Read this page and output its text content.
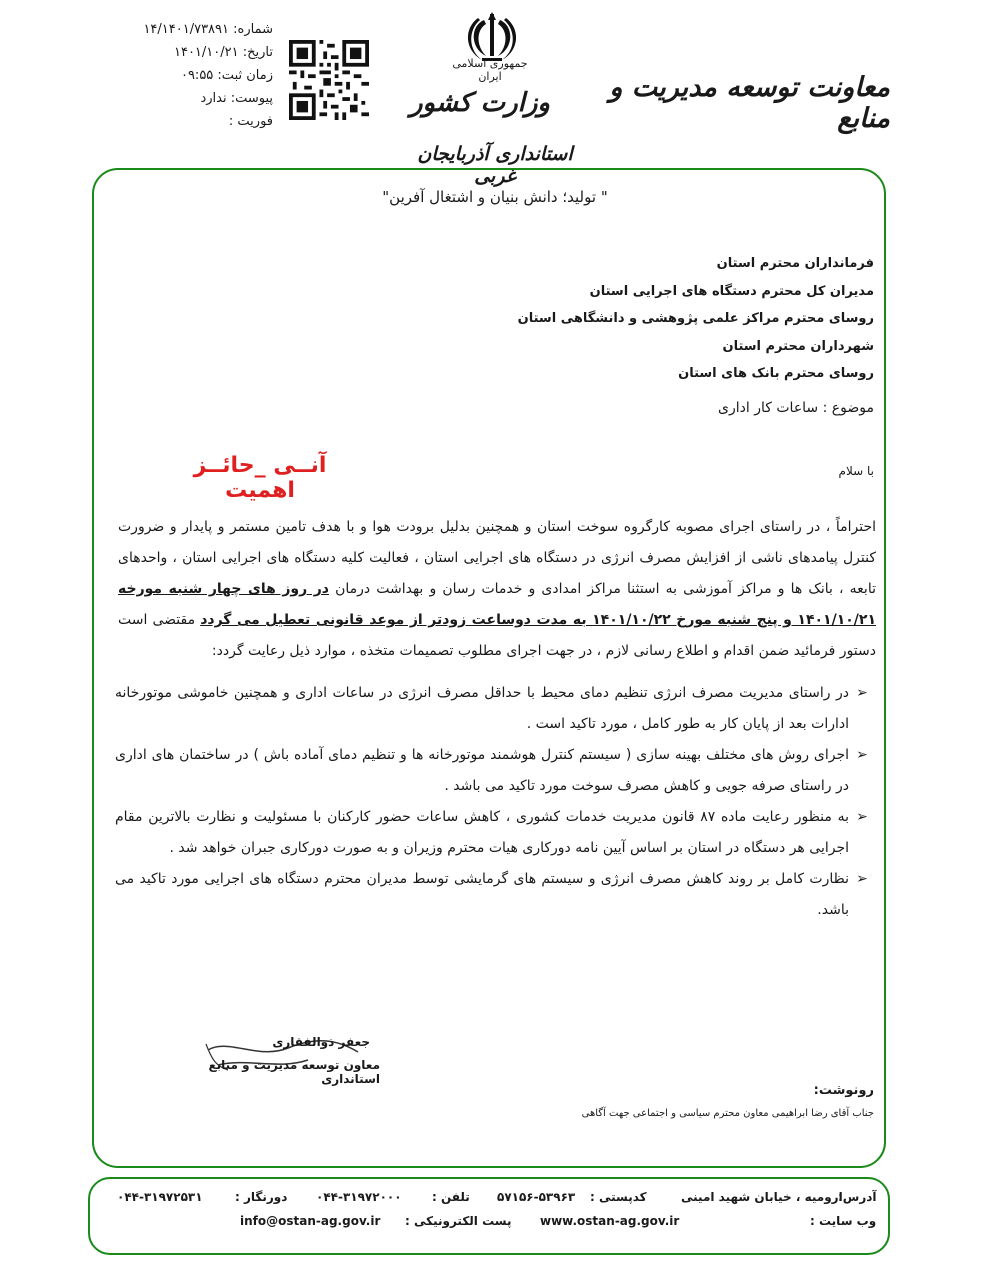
شماره: ۱۴/۱۴۰۱/۷۳۸۹۱
تاریخ: ۱۴۰۱/۱۰/۲۱
زمان ثبت: ۰۹:۵۵
پیوست: ندارد
فوریت :
جمهوری اسلامی ایران
وزارت کشور	معاونت توسعه مدیریت و منابع
استانداری آذربایجان غربی
" تولید؛ دانش بنیان و اشتغال آفرین"
فرمانداران محترم استان
مدیران کل محترم دستگاه های اجرایی استان
روسای محترم مراکز علمی پژوهشی و دانشگاهی استان
شهرداران محترم استان
روسای محترم بانک های استان
موضوع : ساعات کار اداری
آنــی _حائــز اهمیت
با سلام
احتراماً ، در راستای اجرای مصوبه کارگروه سوخت استان و همچنین بدلیل برودت هوا و با هدف تامین مستمر و پایدار و ضرورت کنترل پیامدهای ناشی از افزایش مصرف انرژی در دستگاه های اجرایی استان ، فعالیت کلیه دستگاه های اجرایی استان ، واحدهای تابعه ، بانک ها و مراکز آموزشی به استثنا مراکز امدادی و خدمات رسان و بهداشت درمان در روز های چهار شنبه مورخه ۱۴۰۱/۱۰/۲۱ و پنج شنبه مورخ ۱۴۰۱/۱۰/۲۲ به مدت دوساعت زودتر از موعد قانونی تعطیل می گردد مقتضی است دستور فرمائید ضمن اقدام و اطلاع رسانی لازم ، در جهت اجرای مطلوب تصمیمات متخذه ، موارد ذیل رعایت گردد:
➢
در راستای مدیریت مصرف انرژی تنظیم دمای محیط با حداقل مصرف انرژی در ساعات اداری و همچنین خاموشی موتورخانه ادارات بعد از پایان کار به طور کامل ، مورد تاکید است .
➢
اجرای روش های مختلف بهینه سازی ( سیستم کنترل هوشمند موتورخانه ها و تنظیم دمای آماده باش ) در ساختمان های اداری در راستای صرفه جویی و کاهش مصرف سوخت مورد تاکید می باشد .
➢
به منظور رعایت ماده ۸۷ قانون مدیریت خدمات کشوری ، کاهش ساعات حضور کارکنان با مسئولیت و نظارت بالاترین مقام اجرایی هر دستگاه در استان بر اساس آیین نامه دورکاری هیات محترم وزیران و به صورت دورکاری جبران خواهد شد .
➢
نظارت کامل بر روند کاهش مصرف انرژی و سیستم های گرمایشی توسط مدیران محترم دستگاه های اجرایی مورد تاکید می باشد.
جعفر ذوالفقاری
معاون توسعه مدیریت و منابع استانداری
رونوشت:
جناب آقای رضا ابراهیمی معاون محترم سیاسی و اجتماعی جهت آگاهی
آدرس:
ارومیه ، خیابان شهید امینی
کدپستی :
۵۷۱۵۶-۵۳۹۶۳
تلفن :
۰۴۴-۳۱۹۷۲۰۰۰
دورنگار :
۰۴۴-۳۱۹۷۲۵۳۱
وب سایت :
www.ostan-ag.gov.ir
پست الکترونیکی :
info@ostan-ag.gov.ir
